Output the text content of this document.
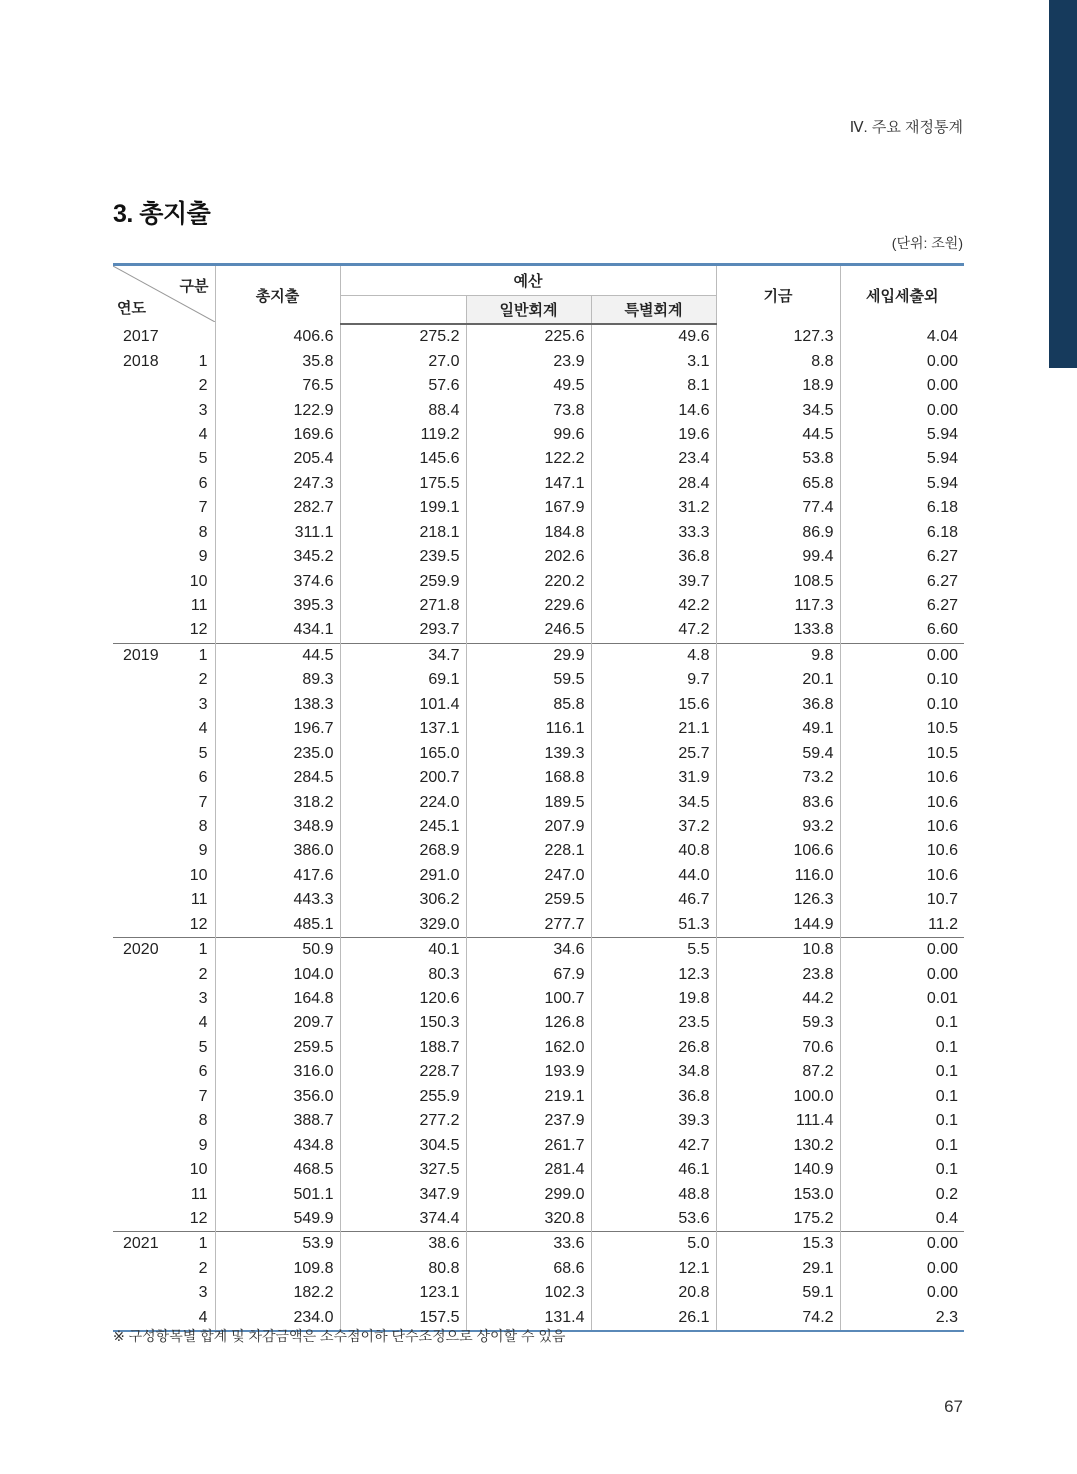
Ⅳ. 주요 재정통계
3. 총지출
(단위: 조원)
구분
연도		총지출	예산			기금	세입세출외
				일반회계	특별회계		
2017		406.6	275.2	225.6	49.6	127.3	4.04
2018	1	35.8	27.0	23.9	3.1	8.8	0.00
	2	76.5	57.6	49.5	8.1	18.9	0.00
	3	122.9	88.4	73.8	14.6	34.5	0.00
	4	169.6	119.2	99.6	19.6	44.5	5.94
	5	205.4	145.6	122.2	23.4	53.8	5.94
	6	247.3	175.5	147.1	28.4	65.8	5.94
	7	282.7	199.1	167.9	31.2	77.4	6.18
	8	311.1	218.1	184.8	33.3	86.9	6.18
	9	345.2	239.5	202.6	36.8	99.4	6.27
	10	374.6	259.9	220.2	39.7	108.5	6.27
	11	395.3	271.8	229.6	42.2	117.3	6.27
	12	434.1	293.7	246.5	47.2	133.8	6.60
2019	1	44.5	34.7	29.9	4.8	9.8	0.00
	2	89.3	69.1	59.5	9.7	20.1	0.10
	3	138.3	101.4	85.8	15.6	36.8	0.10
	4	196.7	137.1	116.1	21.1	49.1	10.5
	5	235.0	165.0	139.3	25.7	59.4	10.5
	6	284.5	200.7	168.8	31.9	73.2	10.6
	7	318.2	224.0	189.5	34.5	83.6	10.6
	8	348.9	245.1	207.9	37.2	93.2	10.6
	9	386.0	268.9	228.1	40.8	106.6	10.6
	10	417.6	291.0	247.0	44.0	116.0	10.6
	11	443.3	306.2	259.5	46.7	126.3	10.7
	12	485.1	329.0	277.7	51.3	144.9	11.2
2020	1	50.9	40.1	34.6	5.5	10.8	0.00
	2	104.0	80.3	67.9	12.3	23.8	0.00
	3	164.8	120.6	100.7	19.8	44.2	0.01
	4	209.7	150.3	126.8	23.5	59.3	0.1
	5	259.5	188.7	162.0	26.8	70.6	0.1
	6	316.0	228.7	193.9	34.8	87.2	0.1
	7	356.0	255.9	219.1	36.8	100.0	0.1
	8	388.7	277.2	237.9	39.3	111.4	0.1
	9	434.8	304.5	261.7	42.7	130.2	0.1
	10	468.5	327.5	281.4	46.1	140.9	0.1
	11	501.1	347.9	299.0	48.8	153.0	0.2
	12	549.9	374.4	320.8	53.6	175.2	0.4
2021	1	53.9	38.6	33.6	5.0	15.3	0.00
	2	109.8	80.8	68.6	12.1	29.1	0.00
	3	182.2	123.1	102.3	20.8	59.1	0.00
	4	234.0	157.5	131.4	26.1	74.2	2.3
※ 구성항목별 합계 및 차감금액은 소수점이하 단수조정으로 상이할 수 있음
67
